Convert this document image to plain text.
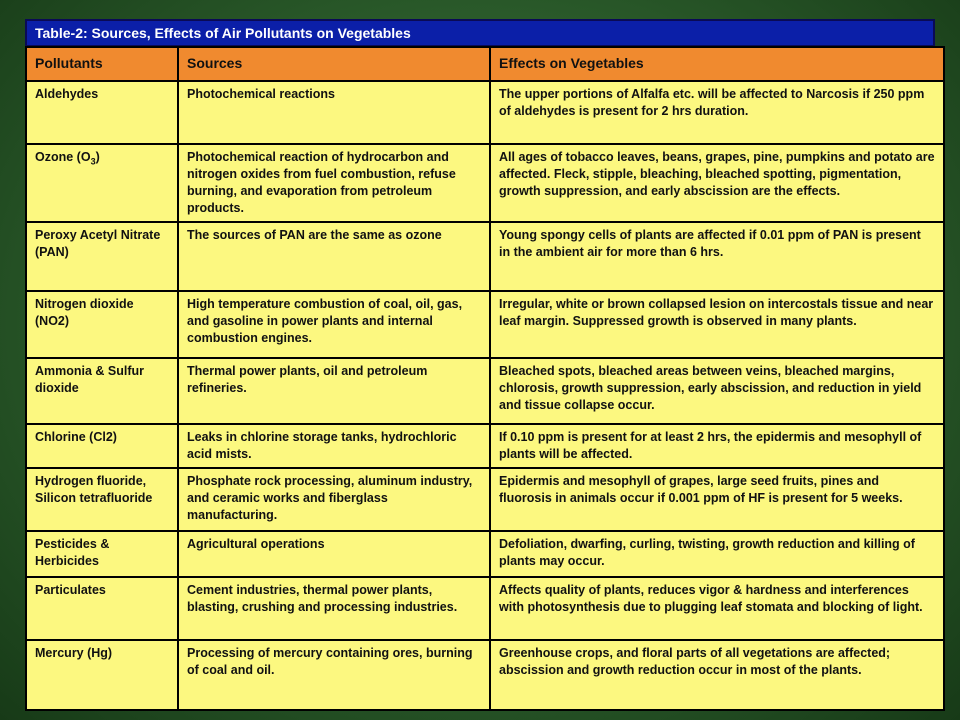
Table-2: Sources, Effects of Air Pollutants on Vegetables
Pollutants	Sources	Effects on Vegetables
Aldehydes	Photochemical reactions	The upper portions of Alfalfa etc. will be affected to Narcosis if 250 ppm of aldehydes is present for 2 hrs duration.
Ozone $(O_3)$	Photochemical reaction of hydrocarbon and nitrogen oxides from fuel combustion, refuse burning, and evaporation from petroleum products.	All ages of tobacco leaves, beans, grapes, pine, pumpkins and potato are affected. Fleck, stipple, bleaching, bleached spotting, pigmentation, growth suppression, and early abscission are the effects.
Peroxy Acetyl Nitrate (PAN)	The sources of PAN are the same as ozone	Young spongy cells of plants are affected if 0.01 ppm of PAN is present in the ambient air for more than 6 hrs.
Nitrogen dioxide (NO2)	High temperature combustion of coal, oil, gas, and gasoline in power plants and internal combustion engines.	Irregular, white or brown collapsed lesion on intercostals tissue and near leaf margin. Suppressed growth is observed in many plants.
Ammonia & Sulfur dioxide	Thermal power plants, oil and petroleum refineries.	Bleached spots, bleached areas between veins, bleached margins, chlorosis, growth suppression, early abscission, and reduction in yield and tissue collapse occur.
Chlorine (Cl2)	Leaks in chlorine storage tanks, hydrochloric acid mists.	If 0.10 ppm is present for at least 2 hrs, the epidermis and mesophyll of plants will be affected.
Hydrogen fluoride, Silicon tetrafluoride	Phosphate rock processing, aluminum industry, and ceramic works and fiberglass manufacturing.	Epidermis and mesophyll of grapes, large seed fruits, pines and fluorosis in animals occur if 0.001 ppm of HF is present for 5 weeks.
Pesticides & Herbicides	Agricultural operations	Defoliation, dwarfing, curling, twisting, growth reduction and killing of plants may occur.
Particulates	Cement industries, thermal power plants, blasting, crushing and processing industries.	Affects quality of plants, reduces vigor & hardness and interferences with photosynthesis due to plugging leaf stomata and blocking of light.
Mercury (Hg)	Processing of mercury containing ores, burning of coal and oil.	Greenhouse crops, and floral parts of all vegetations are affected; abscission and growth reduction occur in most of the plants.
